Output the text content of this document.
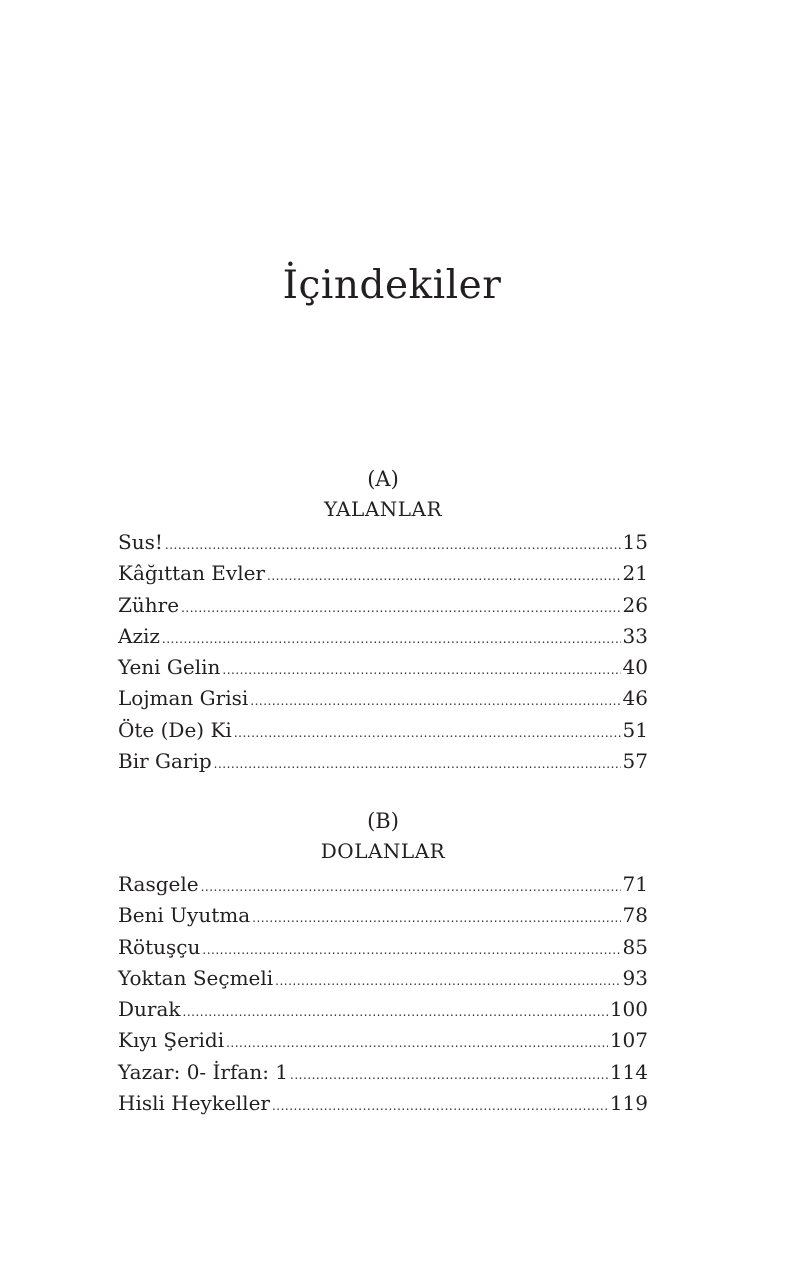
İçindekiler
(A)
YALANLAR
Sus! .....	15
Kâğıttan Evler .....	21
Zühre .....	26
Aziz .....	33
Yeni Gelin .....	40
Lojman Grisi .....	46
Öte (De) Ki .....	51
Bir Garip .....	57
(B)
DOLANLAR
Rasgele .....	71
Beni Uyutma .....	78
Rötuşçu .....	85
Yoktan Seçmeli .....	93
Durak .....	100
Kıyı Şeridi .....	107
Yazar: 0- İrfan: 1 .....	114
Hisli Heykeller .....	119
